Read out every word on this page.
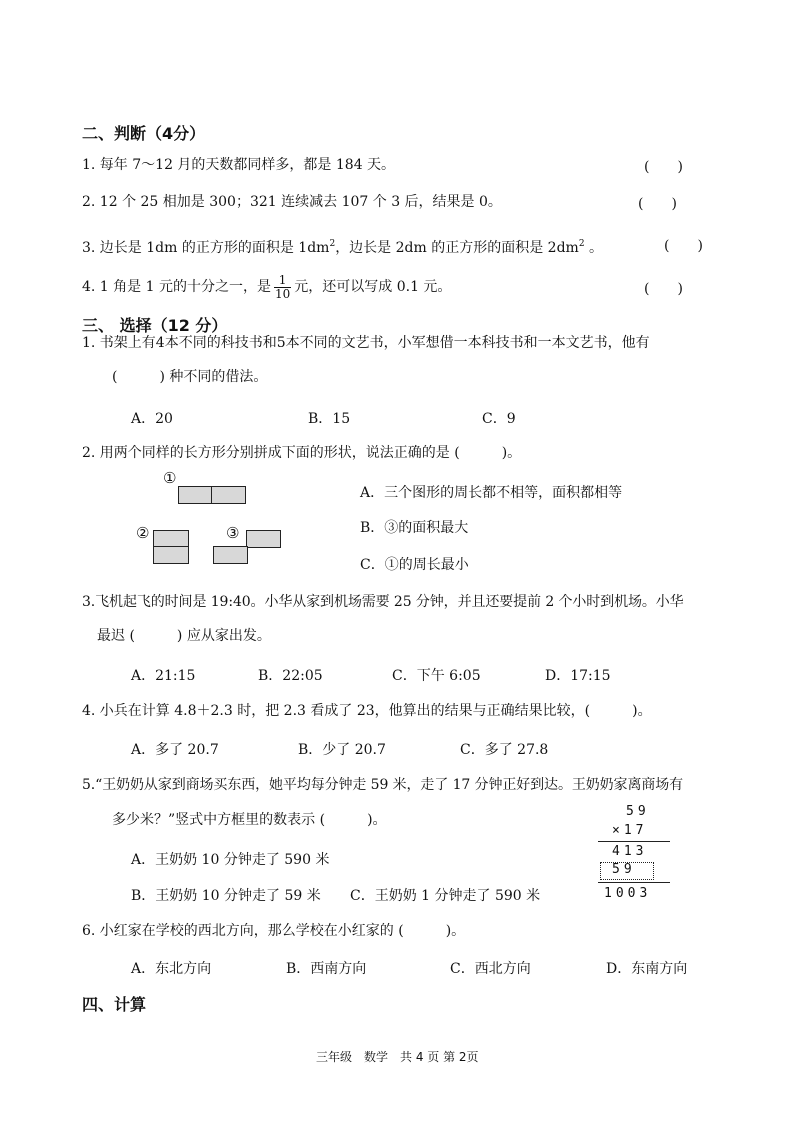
二、判断（4分）
1. 每年 7～12 月的天数都同样多，都是 184 天。	(　　)
2. 12 个 25 相加是 300；321 连续减去 107 个 3 后，结果是 0。	(　　)
3. 边长是 1dm 的正方形的面积是 $1dm^2$，边长是 2dm 的正方形的面积是 $2dm^2$ 。	(　　)
4. 1 角是 1 元的十分之一，是 $\frac{1}{10}$ 元，还可以写成 0.1 元。	(　　)
三、 选择（12 分）
1. 书架上有4本不同的科技书和5本不同的文艺书，小军想借一本科技书和一本文艺书，他有
(　　　) 种不同的借法。
A．20	B．15	C．9
2. 用两个同样的长方形分别拼成下面的形状，说法正确的是 (　　　)。
①
②	③
A．三个图形的周长都不相等，面积都相等
B．③的面积最大
C．①的周长最小
3.飞机起飞的时间是 19:40。小华从家到机场需要 25 分钟，并且还要提前 2 个小时到机场。小华
最迟 (　　　) 应从家出发。
A．21:15	B．22:05	C．下午 6:05	D．17:15
4. 小兵在计算 4.8＋2.3 时，把 2.3 看成了 23，他算出的结果与正确结果比较，(　　　)。
A．多了 20.7	B．少了 20.7	C．多了 27.8
5.“王奶奶从家到商场买东西，她平均每分钟走 59 米，走了 17 分钟正好到达。王奶奶家离商场有
多少米？”竖式中方框里的数表示 (　　　)。
A．王奶奶 10 分钟走了 590 米
B．王奶奶 10 分钟走了 59 米 C．王奶奶 1 分钟走了 590 米
59
×17
413
59
1003
6. 小红家在学校的西北方向，那么学校在小红家的 (　　　)。
A．东北方向	B．西南方向	C．西北方向	D．东南方向
四、计算
三年级　数学　共 4 页 第 2页
